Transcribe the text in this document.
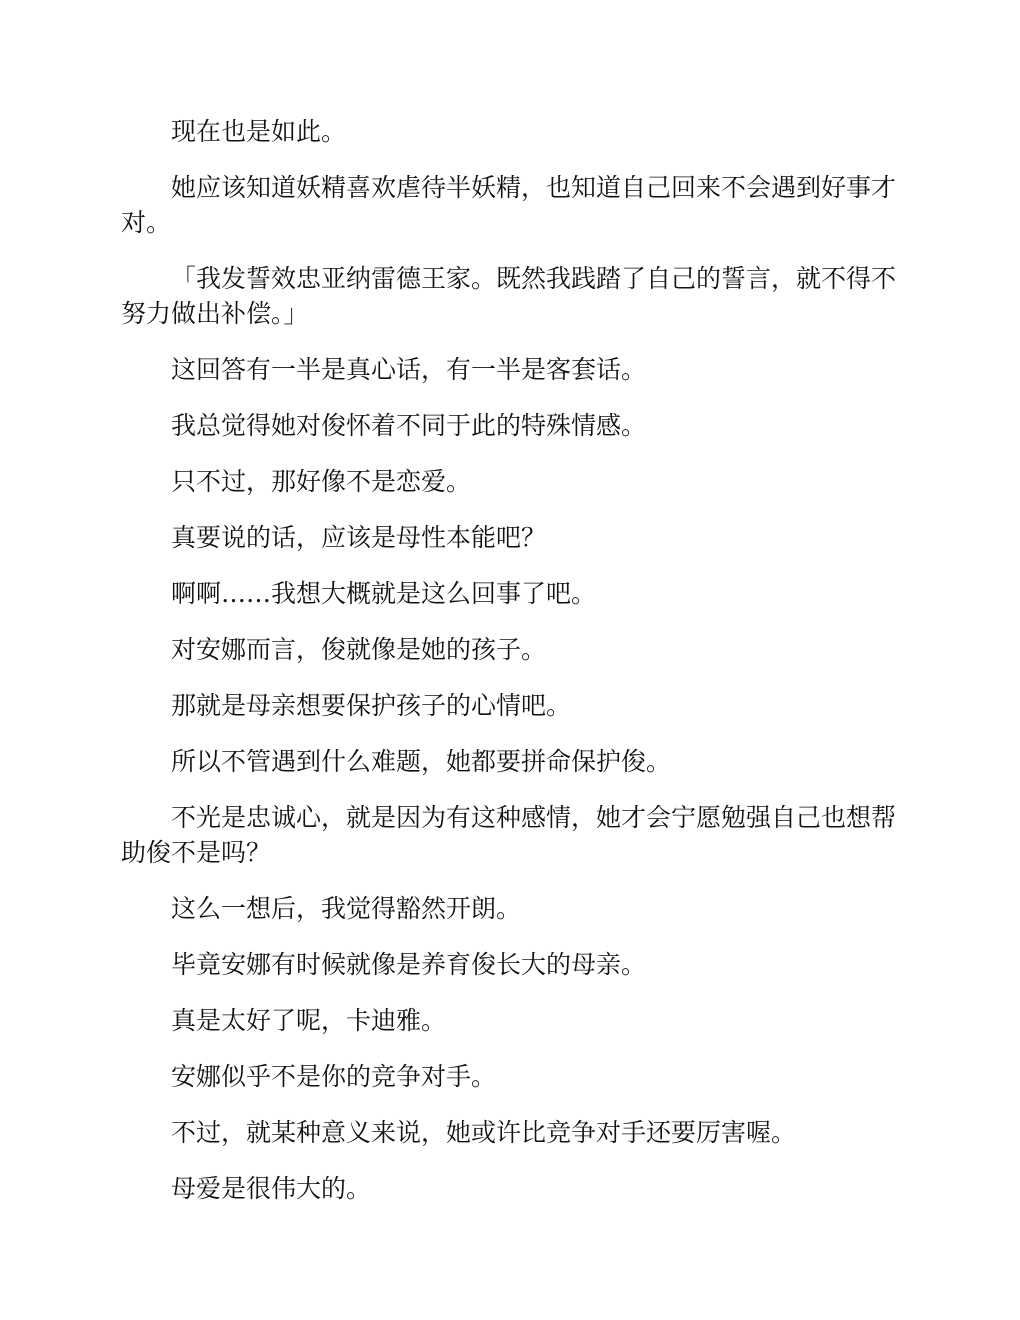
现在也是如此。

她应该知道妖精喜欢虐待半妖精，也知道自己回来不会遇到好事才对。

「我发誓效忠亚纳雷德王家。既然我践踏了自己的誓言，就不得不努力做出补偿。」

这回答有一半是真心话，有一半是客套话。

我总觉得她对俊怀着不同于此的特殊情感。

只不过，那好像不是恋爱。

真要说的话，应该是母性本能吧？

啊啊……我想大概就是这么回事了吧。

对安娜而言，俊就像是她的孩子。

那就是母亲想要保护孩子的心情吧。

所以不管遇到什么难题，她都要拼命保护俊。

不光是忠诚心，就是因为有这种感情，她才会宁愿勉强自己也想帮助俊不是吗？

这么一想后，我觉得豁然开朗。

毕竟安娜有时候就像是养育俊长大的母亲。

真是太好了呢，卡迪雅。

安娜似乎不是你的竞争对手。

不过，就某种意义来说，她或许比竞争对手还要厉害喔。

母爱是很伟大的。
